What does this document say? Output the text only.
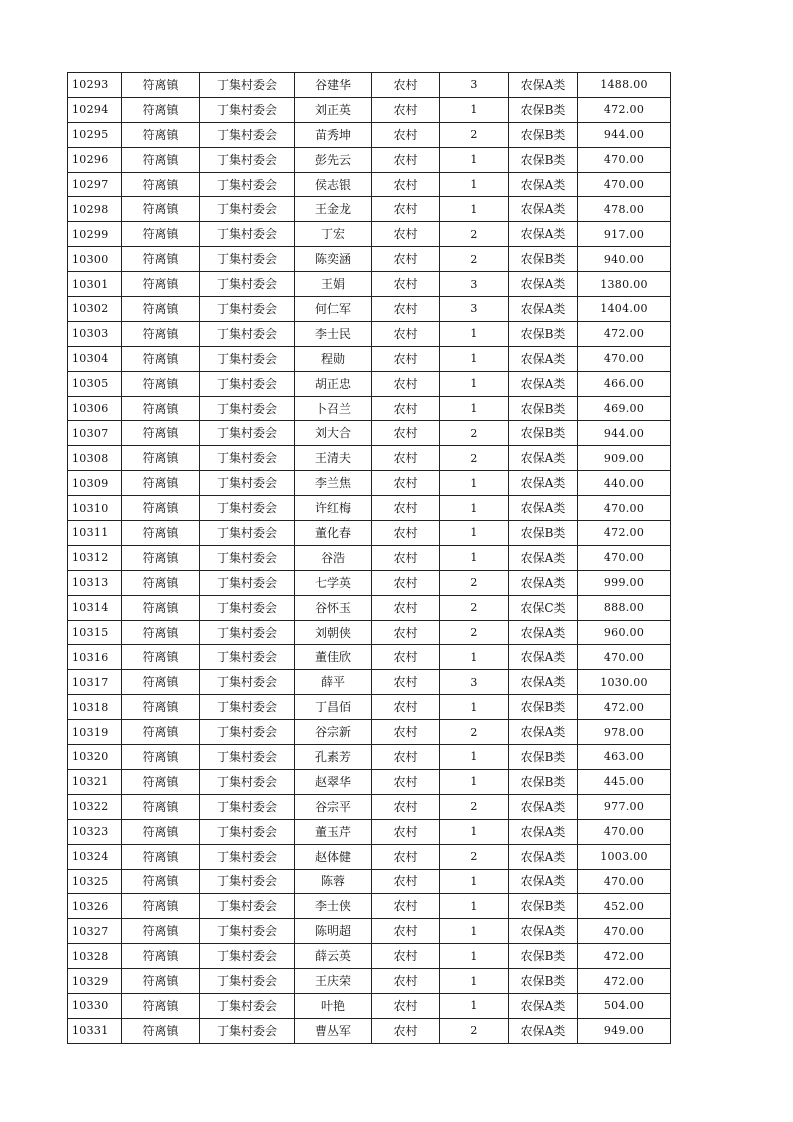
10293	符离镇	丁集村委会	谷建华	农村	3	农保A类	1488.00
10294	符离镇	丁集村委会	刘正英	农村	1	农保B类	472.00
10295	符离镇	丁集村委会	苗秀坤	农村	2	农保B类	944.00
10296	符离镇	丁集村委会	彭先云	农村	1	农保B类	470.00
10297	符离镇	丁集村委会	侯志银	农村	1	农保A类	470.00
10298	符离镇	丁集村委会	王金龙	农村	1	农保A类	478.00
10299	符离镇	丁集村委会	丁宏	农村	2	农保A类	917.00
10300	符离镇	丁集村委会	陈奕涵	农村	2	农保B类	940.00
10301	符离镇	丁集村委会	王娟	农村	3	农保A类	1380.00
10302	符离镇	丁集村委会	何仁军	农村	3	农保A类	1404.00
10303	符离镇	丁集村委会	李士民	农村	1	农保B类	472.00
10304	符离镇	丁集村委会	程勋	农村	1	农保A类	470.00
10305	符离镇	丁集村委会	胡正忠	农村	1	农保A类	466.00
10306	符离镇	丁集村委会	卜召兰	农村	1	农保B类	469.00
10307	符离镇	丁集村委会	刘大合	农村	2	农保B类	944.00
10308	符离镇	丁集村委会	王清夫	农村	2	农保A类	909.00
10309	符离镇	丁集村委会	李兰焦	农村	1	农保A类	440.00
10310	符离镇	丁集村委会	许红梅	农村	1	农保A类	470.00
10311	符离镇	丁集村委会	董化春	农村	1	农保B类	472.00
10312	符离镇	丁集村委会	谷浩	农村	1	农保A类	470.00
10313	符离镇	丁集村委会	七学英	农村	2	农保A类	999.00
10314	符离镇	丁集村委会	谷怀玉	农村	2	农保C类	888.00
10315	符离镇	丁集村委会	刘朝侠	农村	2	农保A类	960.00
10316	符离镇	丁集村委会	董佳欣	农村	1	农保A类	470.00
10317	符离镇	丁集村委会	薛平	农村	3	农保A类	1030.00
10318	符离镇	丁集村委会	丁昌佰	农村	1	农保B类	472.00
10319	符离镇	丁集村委会	谷宗新	农村	2	农保A类	978.00
10320	符离镇	丁集村委会	孔素芳	农村	1	农保B类	463.00
10321	符离镇	丁集村委会	赵翠华	农村	1	农保B类	445.00
10322	符离镇	丁集村委会	谷宗平	农村	2	农保A类	977.00
10323	符离镇	丁集村委会	董玉芹	农村	1	农保A类	470.00
10324	符离镇	丁集村委会	赵体健	农村	2	农保A类	1003.00
10325	符离镇	丁集村委会	陈蓉	农村	1	农保A类	470.00
10326	符离镇	丁集村委会	李士侠	农村	1	农保B类	452.00
10327	符离镇	丁集村委会	陈明超	农村	1	农保A类	470.00
10328	符离镇	丁集村委会	薛云英	农村	1	农保B类	472.00
10329	符离镇	丁集村委会	王庆荣	农村	1	农保B类	472.00
10330	符离镇	丁集村委会	叶艳	农村	1	农保A类	504.00
10331	符离镇	丁集村委会	曹丛军	农村	2	农保A类	949.00
